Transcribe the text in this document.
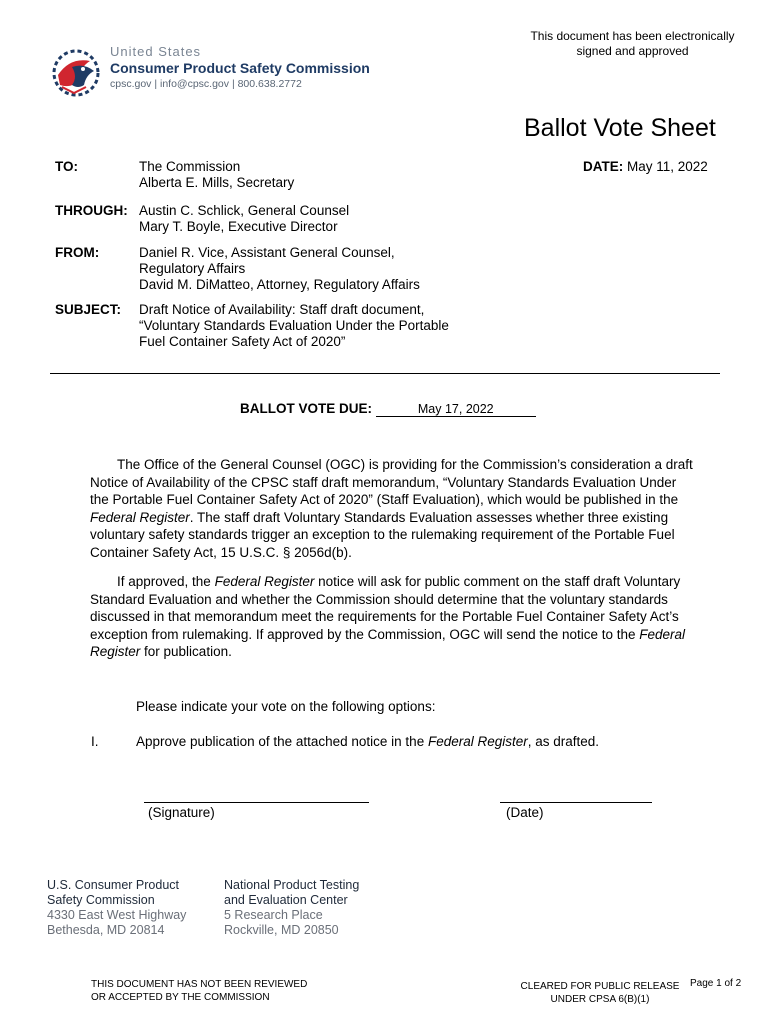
This document has been electronically
signed and approved
United States
Consumer Product Safety Commission
cpsc.gov | info@cpsc.gov | 800.638.2772
Ballot Vote Sheet
TO:	The Commission
Alberta E. Mills, Secretary
DATE: May 11, 2022
THROUGH: Austin C. Schlick, General Counsel
Mary T. Boyle, Executive Director
FROM:	Daniel R. Vice, Assistant General Counsel,
Regulatory Affairs
David M. DiMatteo, Attorney, Regulatory Affairs
SUBJECT: Draft Notice of Availability: Staff draft document,
“Voluntary Standards Evaluation Under the Portable
Fuel Container Safety Act of 2020”
BALLOT VOTE DUE:	May 17, 2022
The Office of the General Counsel (OGC) is providing for the Commission’s consideration a draft Notice of Availability of the CPSC staff draft memorandum, “Voluntary Standards Evaluation Under the Portable Fuel Container Safety Act of 2020” (Staff Evaluation), which would be published in the Federal Register. The staff draft Voluntary Standards Evaluation assesses whether three existing voluntary safety standards trigger an exception to the rulemaking requirement of the Portable Fuel Container Safety Act, 15 U.S.C. § 2056d(b).
If approved, the Federal Register notice will ask for public comment on the staff draft Voluntary Standard Evaluation and whether the Commission should determine that the voluntary standards discussed in that memorandum meet the requirements for the Portable Fuel Container Safety Act’s exception from rulemaking. If approved by the Commission, OGC will send the notice to the Federal Register for publication.
Please indicate your vote on the following options:
I.	Approve publication of the attached notice in the Federal Register, as drafted.
(Signature)	(Date)
U.S. Consumer Product
Safety Commission
4330 East West Highway
Bethesda, MD 20814
National Product Testing
and Evaluation Center
5 Research Place
Rockville, MD 20850
THIS DOCUMENT HAS NOT BEEN REVIEWED
OR ACCEPTED BY THE COMMISSION
CLEARED FOR PUBLIC RELEASE
UNDER CPSA 6(B)(1)
Page 1 of 2
